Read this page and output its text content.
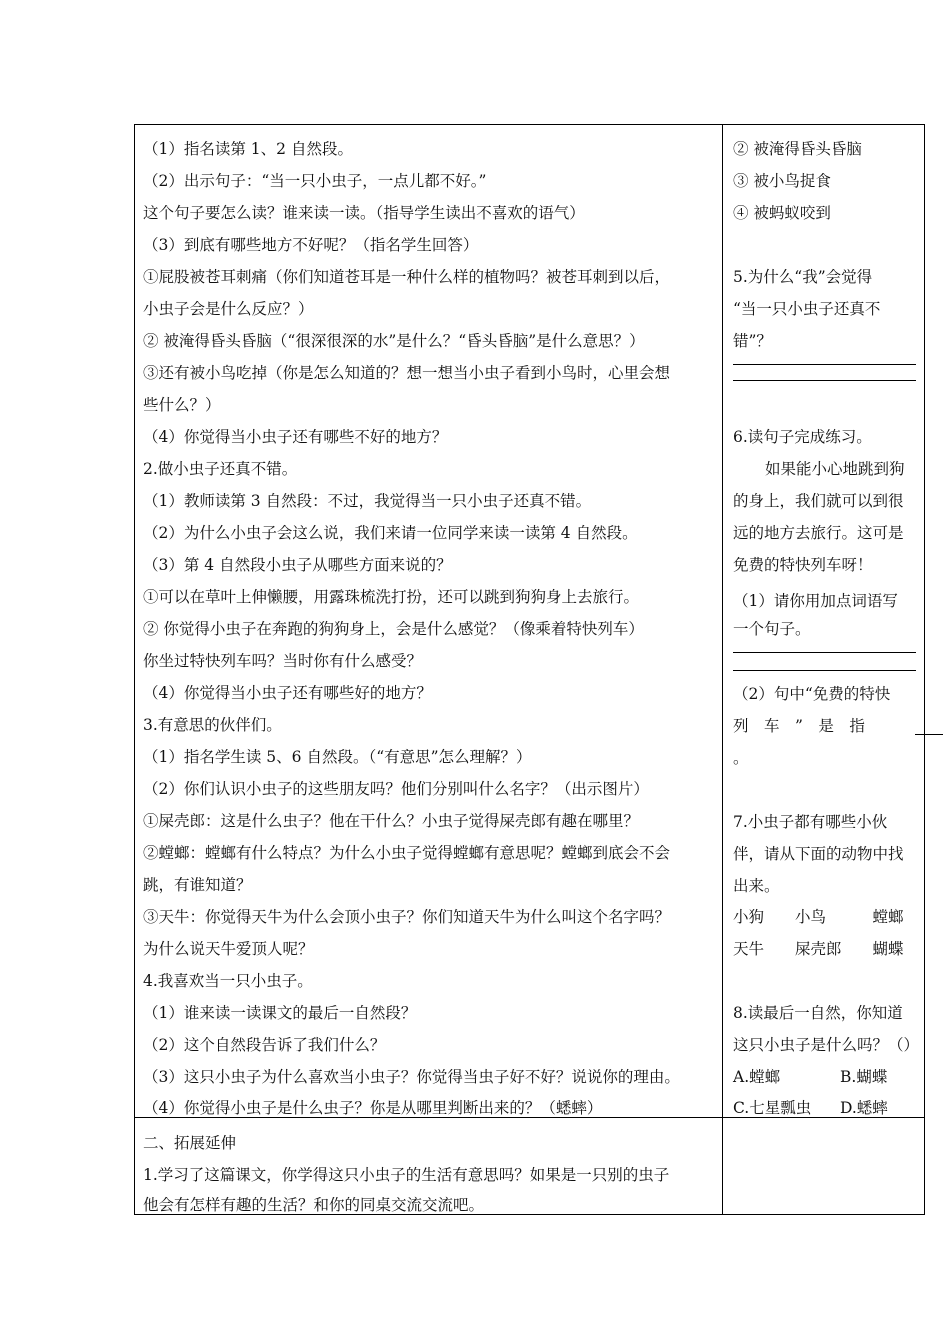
（1）指名读第 1、2 自然段。
（2）出示句子：“当一只小虫子，一点儿都不好。”
这个句子要怎么读？谁来读一读。（指导学生读出不喜欢的语气）
（3）到底有哪些地方不好呢？（指名学生回答）
①屁股被苍耳刺痛（你们知道苍耳是一种什么样的植物吗？被苍耳刺到以后，
小虫子会是什么反应？）
② 被淹得昏头昏脑（“很深很深的水”是什么？“昏头昏脑”是什么意思？）
③还有被小鸟吃掉（你是怎么知道的？想一想当小虫子看到小鸟时，心里会想
些什么？）
（4）你觉得当小虫子还有哪些不好的地方？
2.做小虫子还真不错。
（1）教师读第 3 自然段：不过，我觉得当一只小虫子还真不错。
（2）为什么小虫子会这么说，我们来请一位同学来读一读第 4 自然段。
（3）第 4 自然段小虫子从哪些方面来说的？
①可以在草叶上伸懒腰，用露珠梳洗打扮，还可以跳到狗狗身上去旅行。
② 你觉得小虫子在奔跑的狗狗身上，会是什么感觉？（像乘着特快列车）
你坐过特快列车吗？当时你有什么感受？
（4）你觉得当小虫子还有哪些好的地方？
3.有意思的伙伴们。
（1）指名学生读 5、6 自然段。（“有意思”怎么理解？）
（2）你们认识小虫子的这些朋友吗？他们分别叫什么名字？（出示图片）
①屎壳郎：这是什么虫子？他在干什么？小虫子觉得屎壳郎有趣在哪里？
②螳螂：螳螂有什么特点？为什么小虫子觉得螳螂有意思呢？螳螂到底会不会
跳，有谁知道？
③天牛：你觉得天牛为什么会顶小虫子？你们知道天牛为什么叫这个名字吗？
为什么说天牛爱顶人呢？
4.我喜欢当一只小虫子。
（1）谁来读一读课文的最后一自然段？
（2）这个自然段告诉了我们什么？
（3）这只小虫子为什么喜欢当小虫子？你觉得当虫子好不好？说说你的理由。
（4）你觉得小虫子是什么虫子？你是从哪里判断出来的？（蟋蟀）
二、拓展延伸
1.学习了这篇课文，你学得这只小虫子的生活有意思吗？如果是一只别的虫子
他会有怎样有趣的生活？和你的同桌交流交流吧。
② 被淹得昏头昏脑
③ 被小鸟捉食
④ 被蚂蚁咬到
5.为什么“我”会觉得
“当一只小虫子还真不
错”？
6.读句子完成练习。
如果能小心地跳到狗
的身上，我们就可以到很
远的地方去旅行。这可是
免费的特快列车呀！
（1）请你用加点词语写
一个句子。
（2）句中“免费的特快
列　车　”　是　指
。
7.小虫子都有哪些小伙
伴，请从下面的动物中找
出来。
小狗　　小鸟　　　螳螂
天牛　　屎壳郎　　蝴蝶
8.读最后一自然，你知道
这只小虫子是什么吗？（）
A.螳螂	B.蝴蝶
C.七星瓢虫 D.蟋蟀
